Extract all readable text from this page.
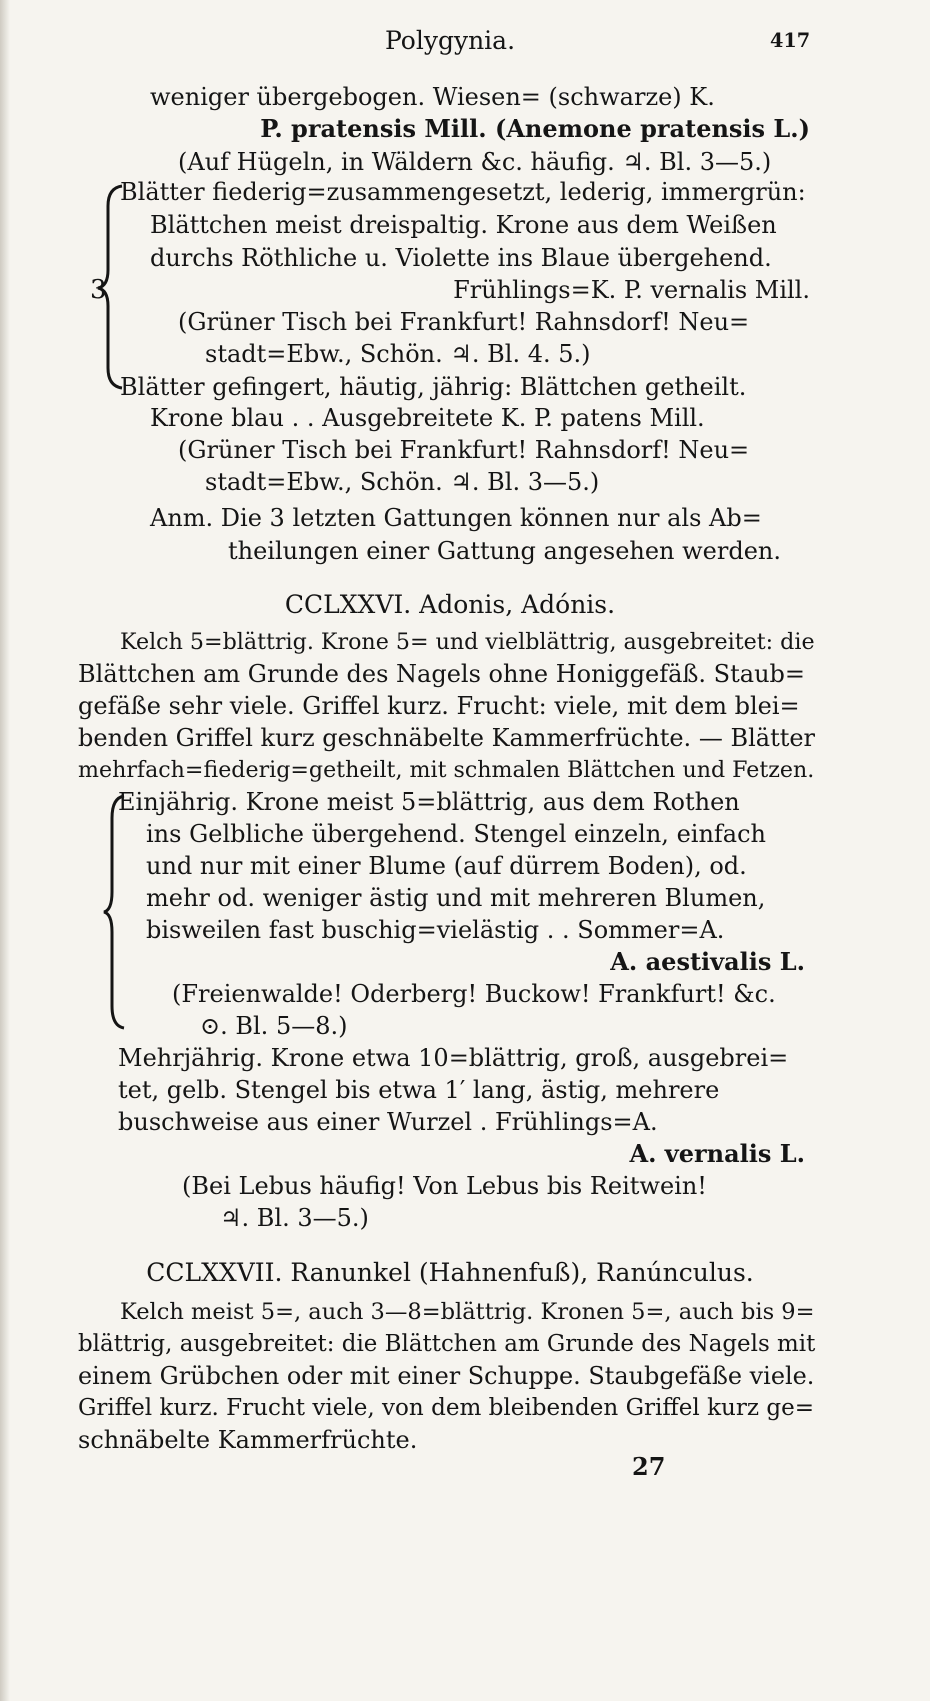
Polygynia.	417
weniger übergebogen. Wiesen= (schwarze) K.
P. pratensis Mill. (Anemone pratensis L.)
(Auf Hügeln, in Wäldern &c. häufig. ♃. Bl. 3—5.)
3
Blätter fiederig=zusammengesetzt, lederig, immergrün:
Blättchen meist dreispaltig. Krone aus dem Weißen
durchs Röthliche u. Violette ins Blaue übergehend.
Frühlings=K. P. vernalis Mill.
(Grüner Tisch bei Frankfurt! Rahnsdorf! Neu=
stadt=Ebw., Schön. ♃. Bl. 4. 5.)
Blätter gefingert, häutig, jährig: Blättchen getheilt.
Krone blau . . Ausgebreitete K. P. patens Mill.
(Grüner Tisch bei Frankfurt! Rahnsdorf! Neu=
stadt=Ebw., Schön. ♃. Bl. 3—5.)
Anm. Die 3 letzten Gattungen können nur als Ab=
theilungen einer Gattung angesehen werden.
CCLXXVI. Adonis, Adónis.
Kelch 5=blättrig. Krone 5= und vielblättrig, ausgebreitet: die
Blättchen am Grunde des Nagels ohne Honiggefäß. Staub=
gefäße sehr viele. Griffel kurz. Frucht: viele, mit dem blei=
benden Griffel kurz geschnäbelte Kammerfrüchte. — Blätter
mehrfach=fiederig=getheilt, mit schmalen Blättchen und Fetzen.
Einjährig. Krone meist 5=blättrig, aus dem Rothen
ins Gelbliche übergehend. Stengel einzeln, einfach
und nur mit einer Blume (auf dürrem Boden), od.
mehr od. weniger ästig und mit mehreren Blumen,
bisweilen fast buschig=vielästig . . Sommer=A.
A. aestivalis L.
(Freienwalde! Oderberg! Buckow! Frankfurt! &c.
⊙. Bl. 5—8.)
Mehrjährig. Krone etwa 10=blättrig, groß, ausgebrei=
tet, gelb. Stengel bis etwa 1′ lang, ästig, mehrere
buschweise aus einer Wurzel . Frühlings=A.
A. vernalis L.
(Bei Lebus häufig! Von Lebus bis Reitwein!
♃. Bl. 3—5.)
CCLXXVII. Ranunkel (Hahnenfuß), Ranúnculus.
Kelch meist 5=, auch 3—8=blättrig. Kronen 5=, auch bis 9=
blättrig, ausgebreitet: die Blättchen am Grunde des Nagels mit
einem Grübchen oder mit einer Schuppe. Staubgefäße viele.
Griffel kurz. Frucht viele, von dem bleibenden Griffel kurz ge=
schnäbelte Kammerfrüchte.
27
